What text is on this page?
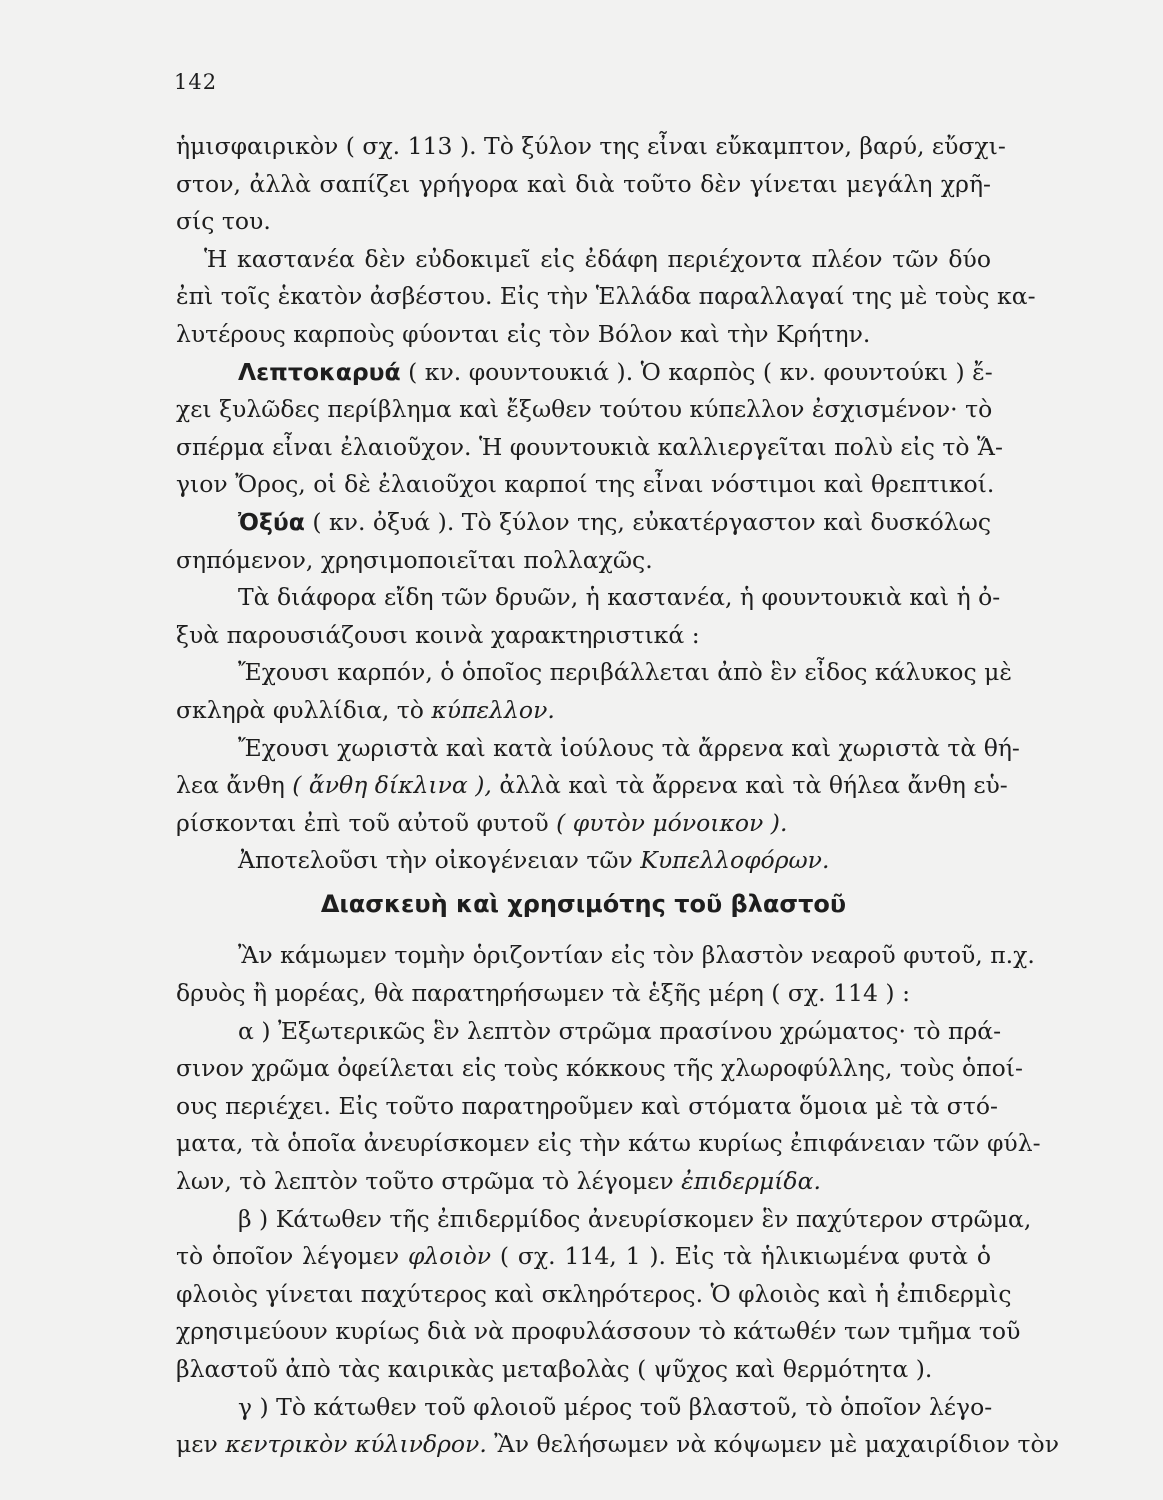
142
ἡμισφαιρικὸν ( σχ. 113 ). Τὸ ξύλον της εἶναι εὔκαμπτον, βαρύ, εὔσχι-
στον, ἀλλὰ σαπίζει γρήγορα καὶ διὰ τοῦτο δὲν γίνεται μεγάλη χρῆ-
σίς του.
Ἡ καστανέα δὲν εὐδοκιμεῖ εἰς ἐδάφη περιέχοντα πλέον τῶν δύο
ἐπὶ τοῖς ἑκατὸν ἀσβέστου. Εἰς τὴν Ἑλλάδα παραλλαγαί της μὲ τοὺς κα-
λυτέρους καρποὺς φύονται εἰς τὸν Βόλον καὶ τὴν Κρήτην.
Λεπτοκαρυά ( κν. φουντουκιά ). Ὁ καρπὸς ( κν. φουντούκι ) ἔ-
χει ξυλῶδες περίβλημα καὶ ἔξωθεν τούτου κύπελλον ἐσχισμένον· τὸ
σπέρμα εἶναι ἐλαιοῦχον. Ἡ φουντουκιὰ καλλιεργεῖται πολὺ εἰς τὸ Ἅ-
γιον Ὄρος, οἱ δὲ ἐλαιοῦχοι καρποί της εἶναι νόστιμοι καὶ θρεπτικοί.
Ὀξύα ( κν. ὀξυά ). Τὸ ξύλον της, εὐκατέργαστον καὶ δυσκόλως
σηπόμενον, χρησιμοποιεῖται πολλαχῶς.
Τὰ διάφορα εἴδη τῶν δρυῶν, ἡ καστανέα, ἡ φουντουκιὰ καὶ ἡ ὀ-
ξυὰ παρουσιάζουσι κοινὰ χαρακτηριστικά :
Ἔχουσι καρπόν, ὁ ὁποῖος περιβάλλεται ἀπὸ ἓν εἶδος κάλυκος μὲ
σκληρὰ φυλλίδια, τὸ κύπελλον.
Ἔχουσι χωριστὰ καὶ κατὰ ἰούλους τὰ ἄρρενα καὶ χωριστὰ τὰ θή-
λεα ἄνθη ( ἄνθη δίκλινα ), ἀλλὰ καὶ τὰ ἄρρενα καὶ τὰ θήλεα ἄνθη εὑ-
ρίσκονται ἐπὶ τοῦ αὐτοῦ φυτοῦ ( φυτὸν μόνοικον ).
Ἀποτελοῦσι τὴν οἰκογένειαν τῶν Κυπελλοφόρων.
Διασκευὴ καὶ χρησιμότης τοῦ βλαστοῦ
Ἂν κάμωμεν τομὴν ὁριζοντίαν εἰς τὸν βλαστὸν νεαροῦ φυτοῦ, π.χ.
δρυὸς ἢ μορέας, θὰ παρατηρήσωμεν τὰ ἑξῆς μέρη ( σχ. 114 ) :
α ) Ἐξωτερικῶς ἓν λεπτὸν στρῶμα πρασίνου χρώματος· τὸ πρά-
σινον χρῶμα ὀφείλεται εἰς τοὺς κόκκους τῆς χλωροφύλλης, τοὺς ὁποί-
ους περιέχει. Εἰς τοῦτο παρατηροῦμεν καὶ στόματα ὅμοια μὲ τὰ στό-
ματα, τὰ ὁποῖα ἀνευρίσκομεν εἰς τὴν κάτω κυρίως ἐπιφάνειαν τῶν φύλ-
λων, τὸ λεπτὸν τοῦτο στρῶμα τὸ λέγομεν ἐπιδερμίδα.
β ) Κάτωθεν τῆς ἐπιδερμίδος ἀνευρίσκομεν ἓν παχύτερον στρῶμα,
τὸ ὁποῖον λέγομεν φλοιὸν ( σχ. 114, 1 ). Εἰς τὰ ἡλικιωμένα φυτὰ ὁ
φλοιὸς γίνεται παχύτερος καὶ σκληρότερος. Ὁ φλοιὸς καὶ ἡ ἐπιδερμὶς
χρησιμεύουν κυρίως διὰ νὰ προφυλάσσουν τὸ κάτωθέν των τμῆμα τοῦ
βλαστοῦ ἀπὸ τὰς καιρικὰς μεταβολὰς ( ψῦχος καὶ θερμότητα ).
γ ) Τὸ κάτωθεν τοῦ φλοιοῦ μέρος τοῦ βλαστοῦ, τὸ ὁποῖον λέγο-
μεν κεντρικὸν κύλινδρον. Ἂν θελήσωμεν νὰ κόψωμεν μὲ μαχαιρίδιον τὸν
